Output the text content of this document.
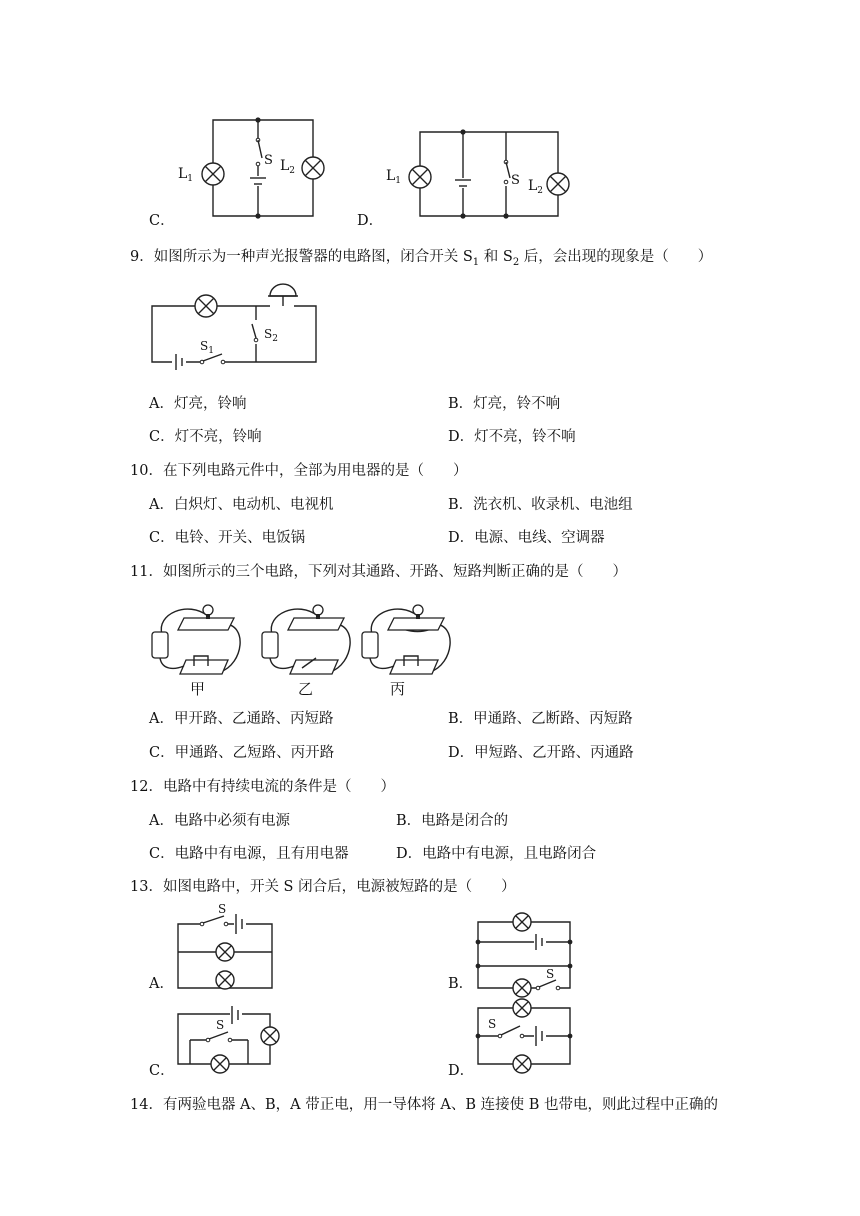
$L_1$
$L_2$
S
C．
$L_1$	$L_2$
S
D．
9．如图所示为一种声光报警器的电路图，闭合开关 $S_1$ 和 $S_2$ 后，会出现的现象是（　　）
$S_1$
$S_2$
A．灯亮，铃响	B．灯亮，铃不响
C．灯不亮，铃响	D．灯不亮，铃不响
10．在下列电路元件中，全部为用电器的是（　　）
A．白炽灯、电动机、电视机	B．洗衣机、收录机、电池组
C．电铃、开关、电饭锅	D．电源、电线、空调器
11．如图所示的三个电路，下列对其通路、开路、短路判断正确的是（　　）
甲	乙	丙
A．甲开路、乙通路、丙短路	B．甲通路、乙断路、丙短路
C．甲通路、乙短路、丙开路	D．甲短路、乙开路、丙通路
12．电路中有持续电流的条件是（　　）
A．电路中必须有电源	B．电路是闭合的
C．电路中有电源，且有用电器	D．电路中有电源，且电路闭合
13．如图电路中，开关 S 闭合后，电源被短路的是（　　）
S
A．
S
B．
S
C．
S
D．
14．有两验电器 A、B，A 带正电，用一导体将 A、B 连接使 B 也带电，则此过程中正确的
